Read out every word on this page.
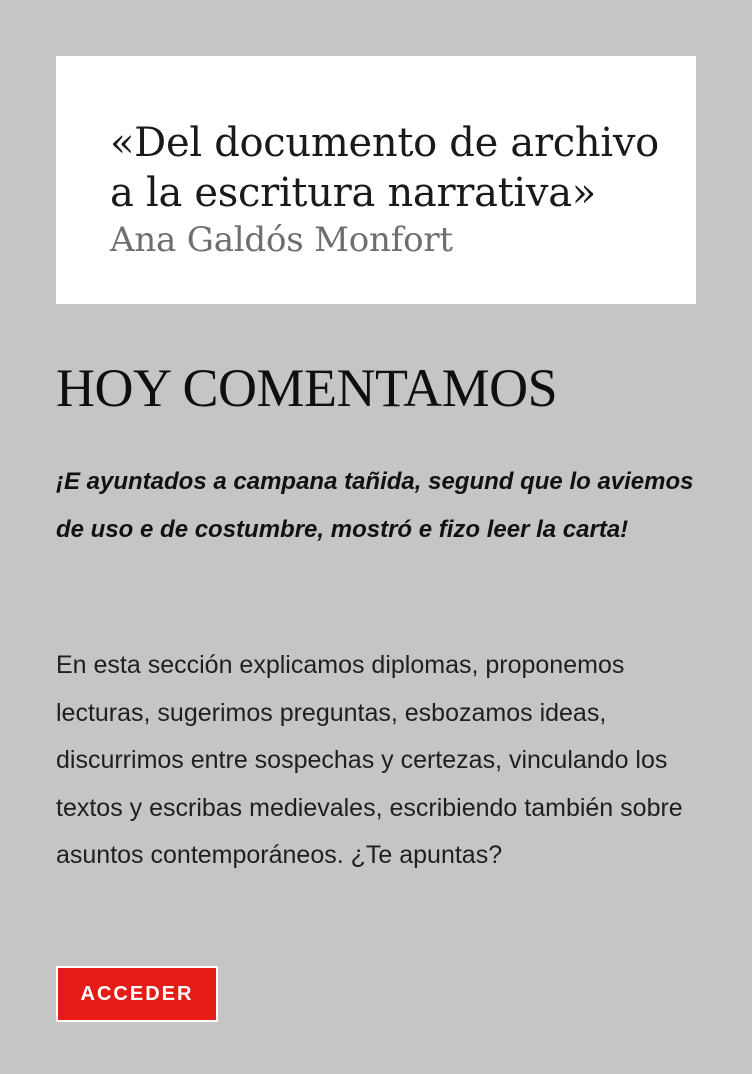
«Del documento de archivo a la escritura narrativa»

Ana Galdós Monfort

HOY COMENTAMOS

¡E ayuntados a campana tañida, segund que lo aviemos de uso e de costumbre, mostró e fizo leer la carta!

En esta sección explicamos diplomas, proponemos lecturas, sugerimos preguntas, esbozamos ideas, discurrimos entre sospechas y certezas, vinculando los textos y escribas medievales, escribiendo también sobre asuntos contemporáneos. ¿Te apuntas?

ACCEDER
